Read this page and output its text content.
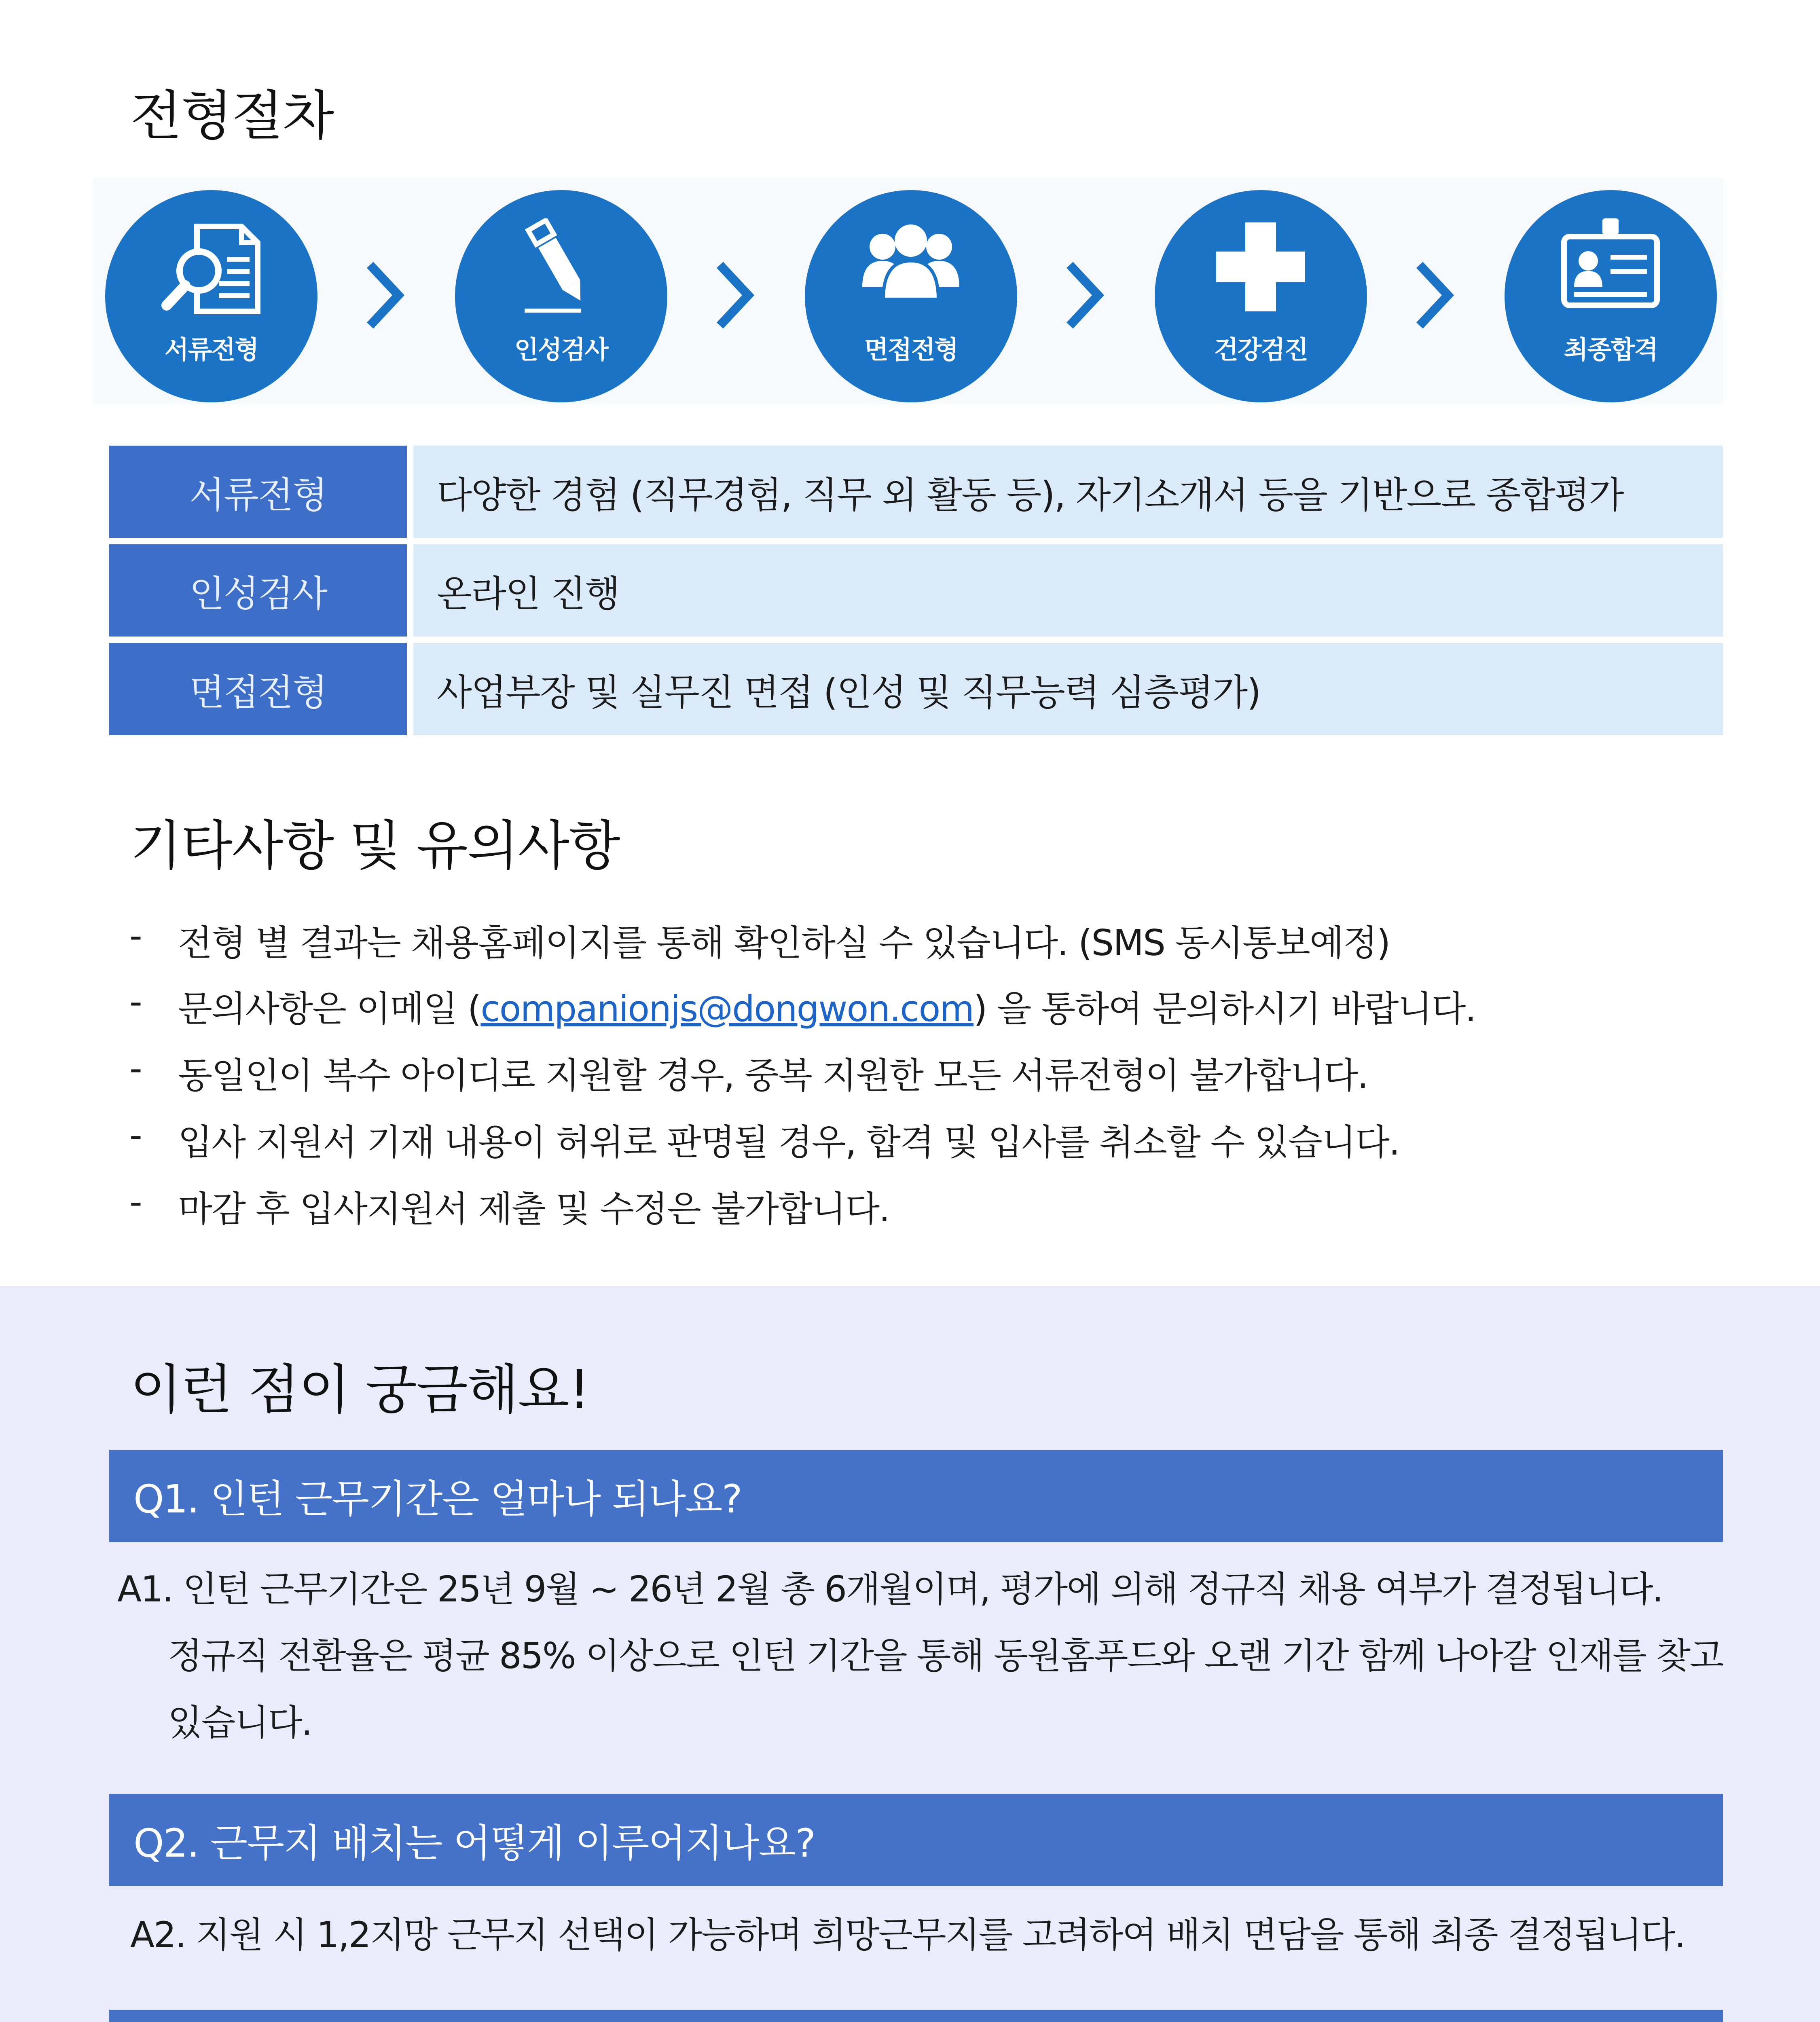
전형절차
서류전형	인성검사	면접전형	건강검진	최종합격
서류전형	다양한 경험 (직무경험, 직무 외 활동 등), 자기소개서 등을 기반으로 종합평가
인성검사	온라인 진행
면접전형	사업부장 및 실무진 면접 (인성 및 직무능력 심층평가)
기타사항 및 유의사항
-	전형 별 결과는 채용홈페이지를 통해 확인하실 수 있습니다. (SMS 동시통보예정)
-	문의사항은 이메일 (companionjs@dongwon.com) 을 통하여 문의하시기 바랍니다.
-	동일인이 복수 아이디로 지원할 경우, 중복 지원한 모든 서류전형이 불가합니다.
-	입사 지원서 기재 내용이 허위로 판명될 경우, 합격 및 입사를 취소할 수 있습니다.
-	마감 후 입사지원서 제출 및 수정은 불가합니다.
이런 점이 궁금해요!
Q1. 인턴 근무기간은 얼마나 되나요?
A1. 인턴 근무기간은 25년 9월 ~ 26년 2월 총 6개월이며, 평가에 의해 정규직 채용 여부가 결정됩니다.
정규직 전환율은 평균 85% 이상으로 인턴 기간을 통해 동원홈푸드와 오랜 기간 함께 나아갈 인재를 찾고
있습니다.
Q2. 근무지 배치는 어떻게 이루어지나요?
A2. 지원 시 1,2지망 근무지 선택이 가능하며 희망근무지를 고려하여 배치 면담을 통해 최종 결정됩니다.
